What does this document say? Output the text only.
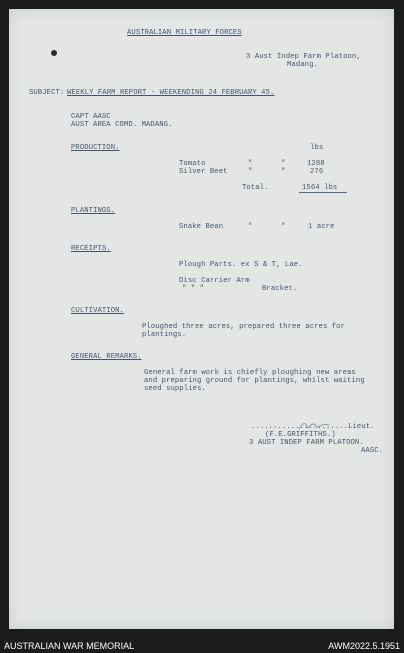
AUSTRALIAN MILITARY FORCES
3 Aust Indep Farm Platoon,
Madang.
SUBJECT: WEEKLY FARM REPORT - WEEKENDING 24 FEBRUARY 45.
CAPT AASC
AUST AREA COMD. MADANG.
PRODUCTION.	lbs
Tomato	"	"	1288
Silver Beet	"	"	276
Total.	1564 lbs
PLANTINGS.
Snake Bean	"	"	1 acre
RECEIPTS.
Plough Parts. ex S & T, Lae.
Disc Carrier Arm
" " "	Bracket.
CULTIVATION.
Ploughed three acres, prepared three acres for
plantings.
GENERAL REMARKS.
General farm work is chiefly ploughing new areas
and preparing ground for plantings, whilst waiting
seed supplies.
......................Lieut.
(F.E.GRIFFITHS.)
3 AUST INDEP FARM PLATOON.
AASC.
AUSTRALIAN WAR MEMORIAL	AWM2022.5.1951
